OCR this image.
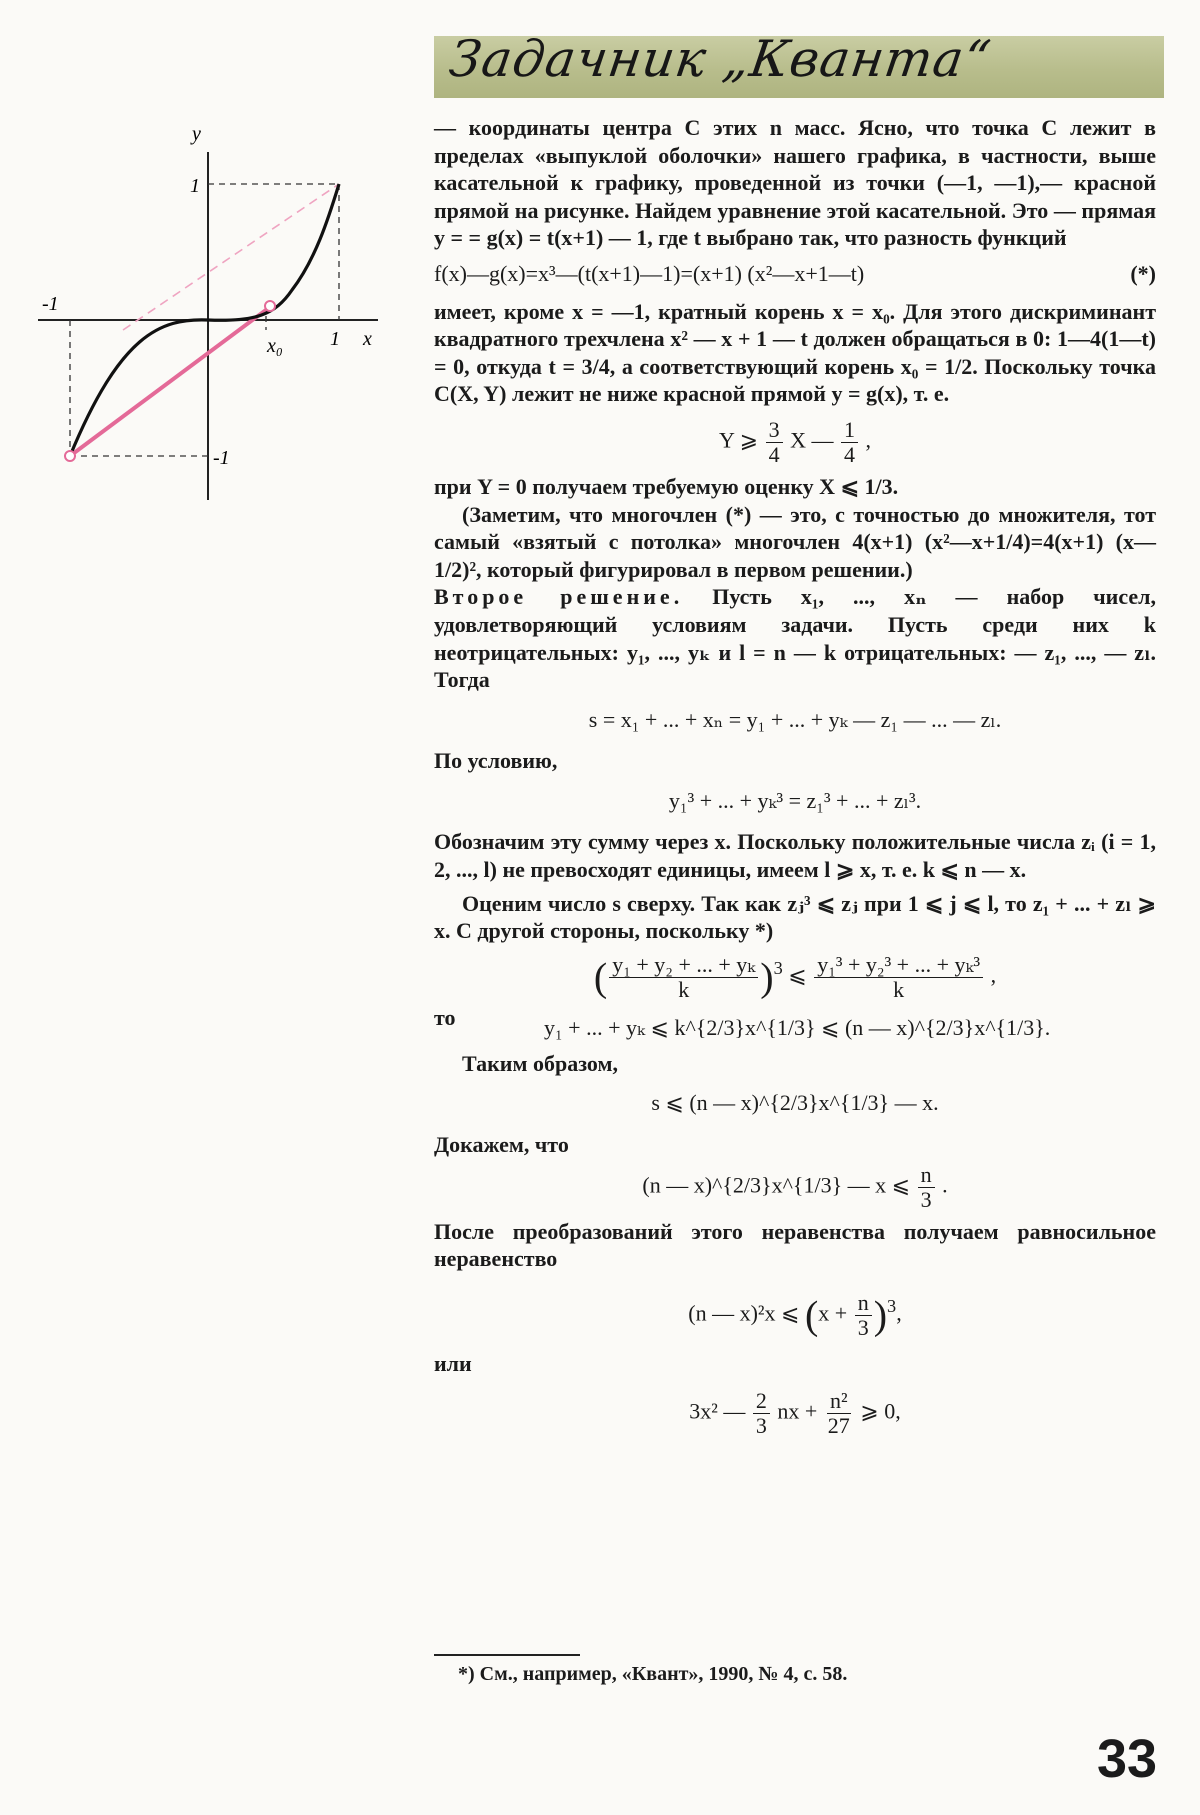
Задачник „Кванта“
y
1
-1
x₀ 1 x
-1

— координаты центра C этих n масс. Ясно, что точка C лежит в пределах «выпуклой оболочки» нашего графика, в частности, выше касательной к графику, проведенной из точки (—1, —1),— красной прямой на рисунке. Найдем уравнение этой касательной. Это — прямая y = = g(x) = t(x+1) — 1, где t выбрано так, что разность функций

f(x)—g(x)=x³—(t(x+1)—1)=(x+1) (x²—x+1—t)	(*)

имеет, кроме x = —1, кратный корень x = x₀. Для этого дискриминант квадратного трехчлена x² — x + 1 — t должен обращаться в 0: 1—4(1—t) = 0, откуда t = 3/4, а соответствующий корень x₀ = 1/2. Поскольку точка C(X, Y) лежит не ниже красной прямой y = g(x), т. е.

Y ⩾ $\frac{3}{4}$ X — $\frac{1}{4}$ ,

при Y = 0 получаем требуемую оценку X ⩽ 1/3.

(Заметим, что многочлен (*) — это, с точностью до множителя, тот самый «взятый с потолка» многочлен 4(x+1) (x²—x+1/4)=4(x+1) (x—1/2)², который фигурировал в первом решении.)

Второе решение. Пусть x₁, ..., xₙ — набор чисел, удовлетворяющий условиям задачи. Пусть среди них k неотрицательных: y₁, ..., yₖ и l = n — k отрицательных: — z₁, ..., — zₗ. Тогда

s = x₁ + ... + xₙ = y₁ + ... + yₖ — z₁ — ... — zₗ.

По условию,

y₁³ + ... + yₖ³ = z₁³ + ... + zₗ³.

Обозначим эту сумму через x. Поскольку положительные числа zᵢ (i = 1, 2, ..., l) не превосходят единицы, имеем l ⩾ x, т. е. k ⩽ n — x.

Оценим число s сверху. Так как zⱼ³ ⩽ zⱼ при 1 ⩽ j ⩽ l, то z₁ + ... + zₗ ⩾ x. С другой стороны, поскольку *)

( $\frac{\text{y₁ + y₂ + ... + yₖ}}{k} )^3$ ⩽ $\frac{\text{y₁³ + y₂³ + ... + yₖ³}}{k}$ ,

то	y₁ + ... + yₖ ⩽ k^{2/3}x^{1/3} ⩽ (n — x)^{2/3}x^{1/3}.

Таким образом,

s ⩽ (n — x)^{2/3}x^{1/3} — x.

Докажем, что

(n — x)^{2/3}x^{1/3} — x ⩽ $\frac{n}{3}$ .

После преобразований этого неравенства получаем равносильное неравенство

(n — x)²x ⩽ $(x + \frac{n}{3} )^3$,

или

3x² — $\frac{2}{3}$ nx + $\frac{\text{n²}}{27}$ ⩾ 0,

*) См., например, «Квант», 1990, № 4, с. 58.
33
